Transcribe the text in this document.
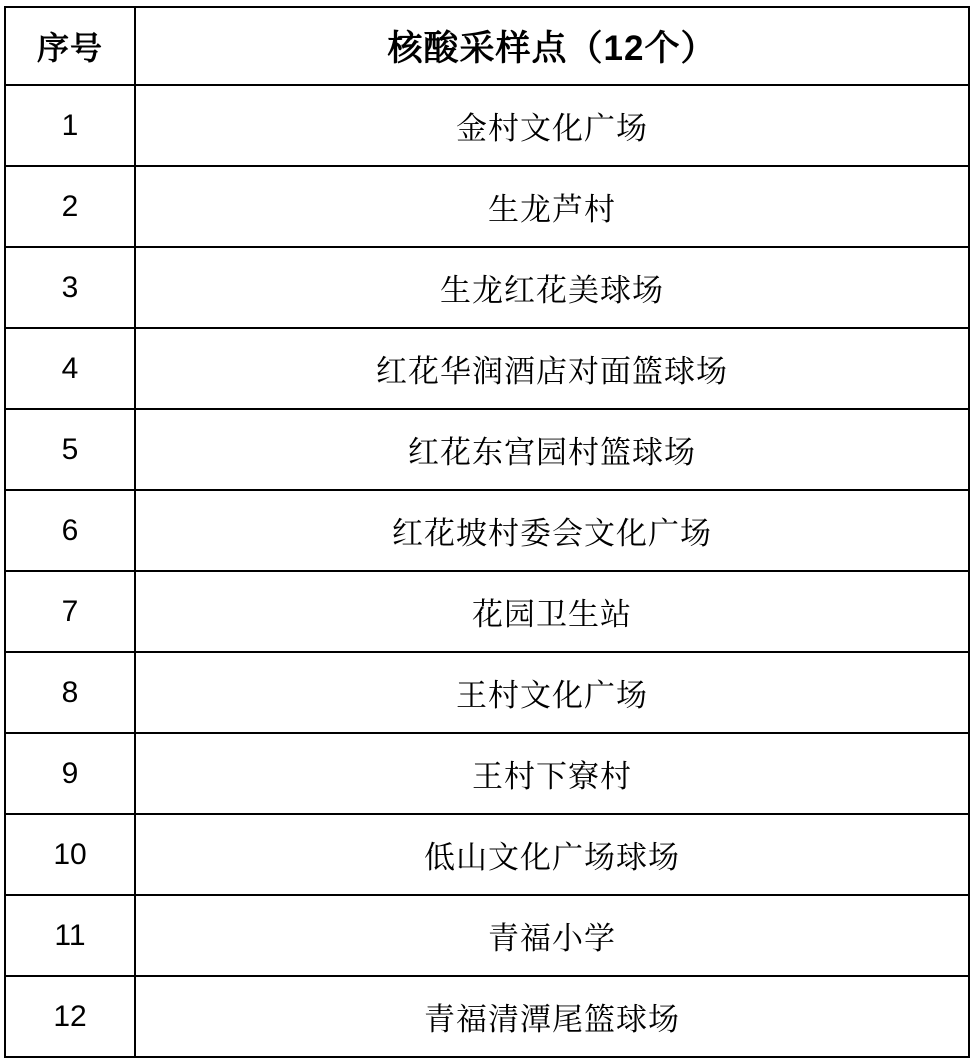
序号	核酸采样点（12个）
1	金村文化广场
2	生龙芦村
3	生龙红花美球场
4	红花华润酒店对面篮球场
5	红花东宫园村篮球场
6	红花坡村委会文化广场
7	花园卫生站
8	王村文化广场
9	王村下寮村
10	低山文化广场球场
11	青福小学
12	青福清潭尾篮球场
